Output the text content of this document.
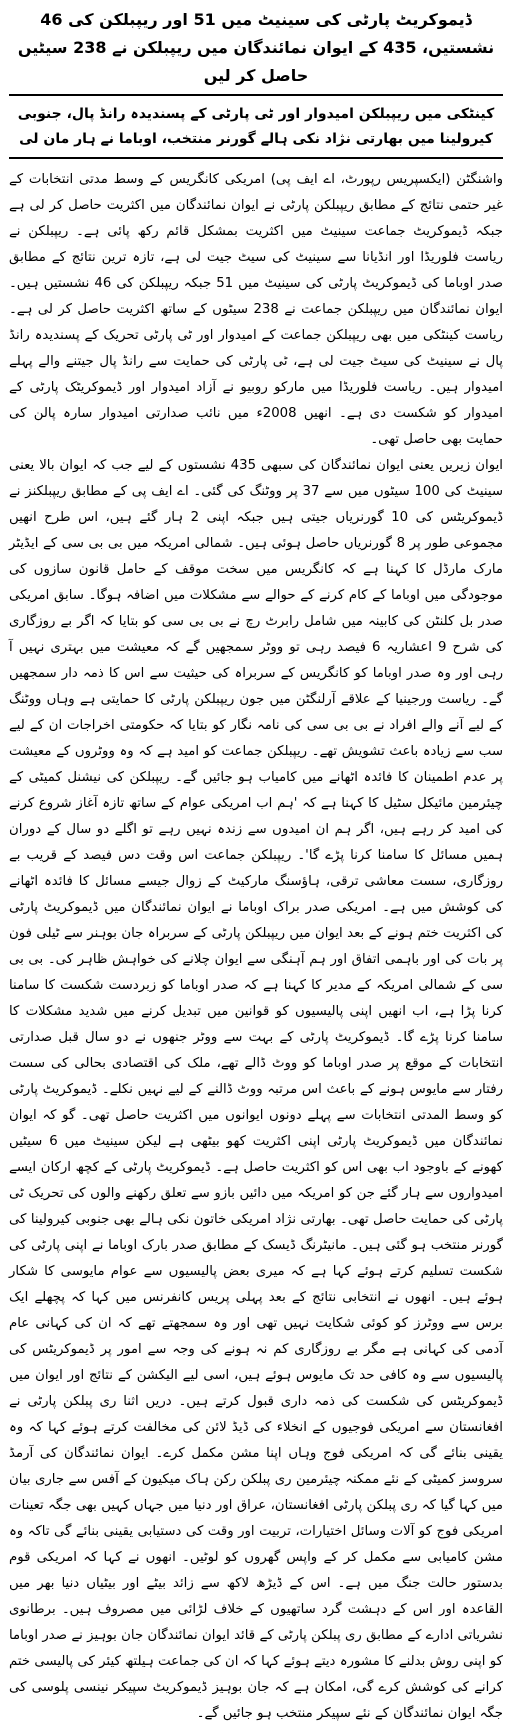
ڈیموکریٹ پارٹی کی سینیٹ میں 51 اور ریپبلکن کی 46 نشستیں، 435 کے ایوان نمائندگان میں ریپبلکن نے 238 سیٹیں حاصل کر لیں
کینٹکی میں ریپبلکن امیدوار اور ٹی پارٹی کے پسندیدہ رانڈ پال، جنوبی کیرولینا میں بھارتی نژاد نکی ہالے گورنر منتخب، اوباما نے ہار مان لی

واشنگٹن (ایکسپریس رپورٹ، اے ایف پی) امریکی کانگریس کے وسط مدتی انتخابات کے غیر حتمی نتائج کے مطابق ریپبلکن پارٹی نے ایوان نمائندگان میں اکثریت حاصل کر لی ہے جبکہ ڈیموکریٹ جماعت سینیٹ میں اکثریت بمشکل قائم رکھ پائی ہے۔ ریپبلکن نے ریاست فلوریڈا اور انڈیانا سے سینیٹ کی سیٹ جیت لی ہے، تازہ ترین نتائج کے مطابق صدر اوباما کی ڈیموکریٹ پارٹی کی سینیٹ میں 51 جبکہ ریپبلکن کی 46 نشستیں ہیں۔ ایوان نمائندگان میں ریپبلکن جماعت نے 238 سیٹوں کے ساتھ اکثریت حاصل کر لی ہے۔ ریاست کینٹکی میں بھی ریپبلکن جماعت کے امیدوار اور ٹی پارٹی تحریک کے پسندیدہ رانڈ پال نے سینیٹ کی سیٹ جیت لی ہے، ٹی پارٹی کی حمایت سے رانڈ پال جیتنے والے پہلے امیدوار ہیں۔ ریاست فلوریڈا میں مارکو روبیو نے آزاد امیدوار اور ڈیموکریٹک پارٹی کے امیدوار کو شکست دی ہے۔ انھیں 2008ء میں نائب صدارتی امیدوار سارہ پالن کی حمایت بھی حاصل تھی۔

ایوان زیریں یعنی ایوان نمائندگان کی سبھی 435 نشستوں کے لیے جب کہ ایوان بالا یعنی سینیٹ کی 100 سیٹوں میں سے 37 پر ووٹنگ کی گئی۔ اے ایف پی کے مطابق ریپبلکنز نے ڈیموکریٹس کی 10 گورنریاں جیتی ہیں جبکہ اپنی 2 ہار گئے ہیں، اس طرح انھیں مجموعی طور پر 8 گورنریاں حاصل ہوئی ہیں۔ شمالی امریکہ میں بی بی سی کے ایڈیٹر مارک مارڈل کا کہنا ہے کہ کانگریس میں سخت موقف کے حامل قانون سازوں کی موجودگی میں اوباما کے کام کرنے کے حوالے سے مشکلات میں اضافہ ہوگا۔ سابق امریکی صدر بل کلنٹن کی کابینہ میں شامل رابرٹ رچ نے بی بی سی کو بتایا کہ اگر بے روزگاری کی شرح 9 اعشاریہ 6 فیصد رہی تو ووٹر سمجھیں گے کہ معیشت میں بہتری نہیں آ رہی اور وہ صدر اوباما کو کانگریس کے سربراہ کی حیثیت سے اس کا ذمہ دار سمجھیں گے۔ ریاست ورجینیا کے علاقے آرلنگٹن میں جون ریپبلکن پارٹی کا حمایتی ہے وہاں ووٹنگ کے لیے آنے والے افراد نے بی بی سی کی نامہ نگار کو بتایا کہ حکومتی اخراجات ان کے لیے سب سے زیادہ باعث تشویش تھے۔ ریپبلکن جماعت کو امید ہے کہ وہ ووٹروں کے معیشت پر عدم اطمینان کا فائدہ اٹھانے میں کامیاب ہو جائیں گے۔ ریپبلکن کی نیشنل کمیٹی کے چیئرمین مائیکل سٹیل کا کہنا ہے کہ 'ہم اب امریکی عوام کے ساتھ تازہ آغاز شروع کرنے کی امید کر رہے ہیں، اگر ہم ان امیدوں سے زندہ نہیں رہے تو اگلے دو سال کے دوران ہمیں مسائل کا سامنا کرنا پڑے گا'۔ ریپبلکن جماعت اس وقت دس فیصد کے قریب بے روزگاری، سست معاشی ترقی، ہاؤسنگ مارکیٹ کے زوال جیسے مسائل کا فائدہ اٹھانے کی کوشش میں ہے۔ امریکی صدر براک اوباما نے ایوان نمائندگان میں ڈیموکریٹ پارٹی کی اکثریت ختم ہونے کے بعد ایوان میں ریپبلکن پارٹی کے سربراہ جان بوہنر سے ٹیلی فون پر بات کی اور باہمی اتفاق اور ہم آہنگی سے ایوان چلانے کی خواہش ظاہر کی۔ بی بی سی کے شمالی امریکہ کے مدیر کا کہنا ہے کہ صدر اوباما کو زبردست شکست کا سامنا کرنا پڑا ہے، اب انھیں اپنی پالیسیوں کو قوانین میں تبدیل کرنے میں شدید مشکلات کا سامنا کرنا پڑے گا۔ ڈیموکریٹ پارٹی کے بہت سے ووٹر جنھوں نے دو سال قبل صدارتی انتخابات کے موقع پر صدر اوباما کو ووٹ ڈالے تھے، ملک کی اقتصادی بحالی کی سست رفتار سے مایوس ہونے کے باعث اس مرتبہ ووٹ ڈالنے کے لیے نہیں نکلے۔ ڈیموکریٹ پارٹی کو وسط المدتی انتخابات سے پہلے دونوں ایوانوں میں اکثریت حاصل تھی۔ گو کہ ایوان نمائندگان میں ڈیموکریٹ پارٹی اپنی اکثریت کھو بیٹھی ہے لیکن سینیٹ میں 6 سیٹیں کھونے کے باوجود اب بھی اس کو اکثریت حاصل ہے۔ ڈیموکریٹ پارٹی کے کچھ ارکان ایسے امیدواروں سے ہار گئے جن کو امریکہ میں دائیں بازو سے تعلق رکھنے والوں کی تحریک ٹی پارٹی کی حمایت حاصل تھی۔ بھارتی نژاد امریکی خاتون نکی ہالے بھی جنوبی کیرولینا کی گورنر منتخب ہو گئی ہیں۔ مانیٹرنگ ڈیسک کے مطابق صدر بارک اوباما نے اپنی پارٹی کی شکست تسلیم کرتے ہوئے کہا ہے کہ میری بعض پالیسیوں سے عوام مایوسی کا شکار ہوئے ہیں۔ انھوں نے انتخابی نتائج کے بعد پہلی پریس کانفرنس میں کہا کہ پچھلے ایک برس سے ووٹرز کو کوئی شکایت نہیں تھی اور وہ سمجھتے تھے کہ ان کی کہانی عام آدمی کی کہانی ہے مگر بے روزگاری کم نہ ہونے کی وجہ سے امور پر ڈیموکریٹس کی پالیسیوں سے وہ کافی حد تک مایوس ہوئے ہیں، اسی لیے الیکشن کے نتائج اور ایوان میں ڈیموکریٹس کی شکست کی ذمہ داری قبول کرتے ہیں۔ دریں اثنا ری پبلکن پارٹی نے افغانستان سے امریکی فوجیوں کے انخلاء کی ڈیڈ لائن کی مخالفت کرتے ہوئے کہا کہ وہ یقینی بنائے گی کہ امریکی فوج وہاں اپنا مشن مکمل کرے۔ ایوان نمائندگان کی آرمڈ سروسز کمیٹی کے نئے ممکنہ چیئرمین ری پبلکن رکن ہاک میکیون کے آفس سے جاری بیان میں کہا گیا کہ ری پبلکن پارٹی افغانستان، عراق اور دنیا میں جہاں کہیں بھی جگہ تعینات امریکی فوج کو آلات وسائل اختیارات، تربیت اور وقت کی دستیابی یقینی بنائے گی تاکہ وہ مشن کامیابی سے مکمل کر کے واپس گھروں کو لوٹیں۔ انھوں نے کہا کہ امریکی قوم بدستور حالت جنگ میں ہے۔ اس کے ڈیڑھ لاکھ سے زائد بیٹے اور بیٹیاں دنیا بھر میں القاعدہ اور اس کے دہشت گرد ساتھیوں کے خلاف لڑائی میں مصروف ہیں۔ برطانوی نشریاتی ادارے کے مطابق ری پبلکن پارٹی کے قائد ایوان نمائندگان جان بوہیز نے صدر اوباما کو اپنی روش بدلنے کا مشورہ دیتے ہوئے کہا کہ ان کی جماعت ہیلتھ کیئر کی پالیسی ختم کرانے کی کوشش کرے گی، امکان ہے کہ جان بوہیز ڈیموکریٹ سپیکر نینسی پلوسی کی جگہ ایوان نمائندگان کے نئے سپیکر منتخب ہو جائیں گے۔
